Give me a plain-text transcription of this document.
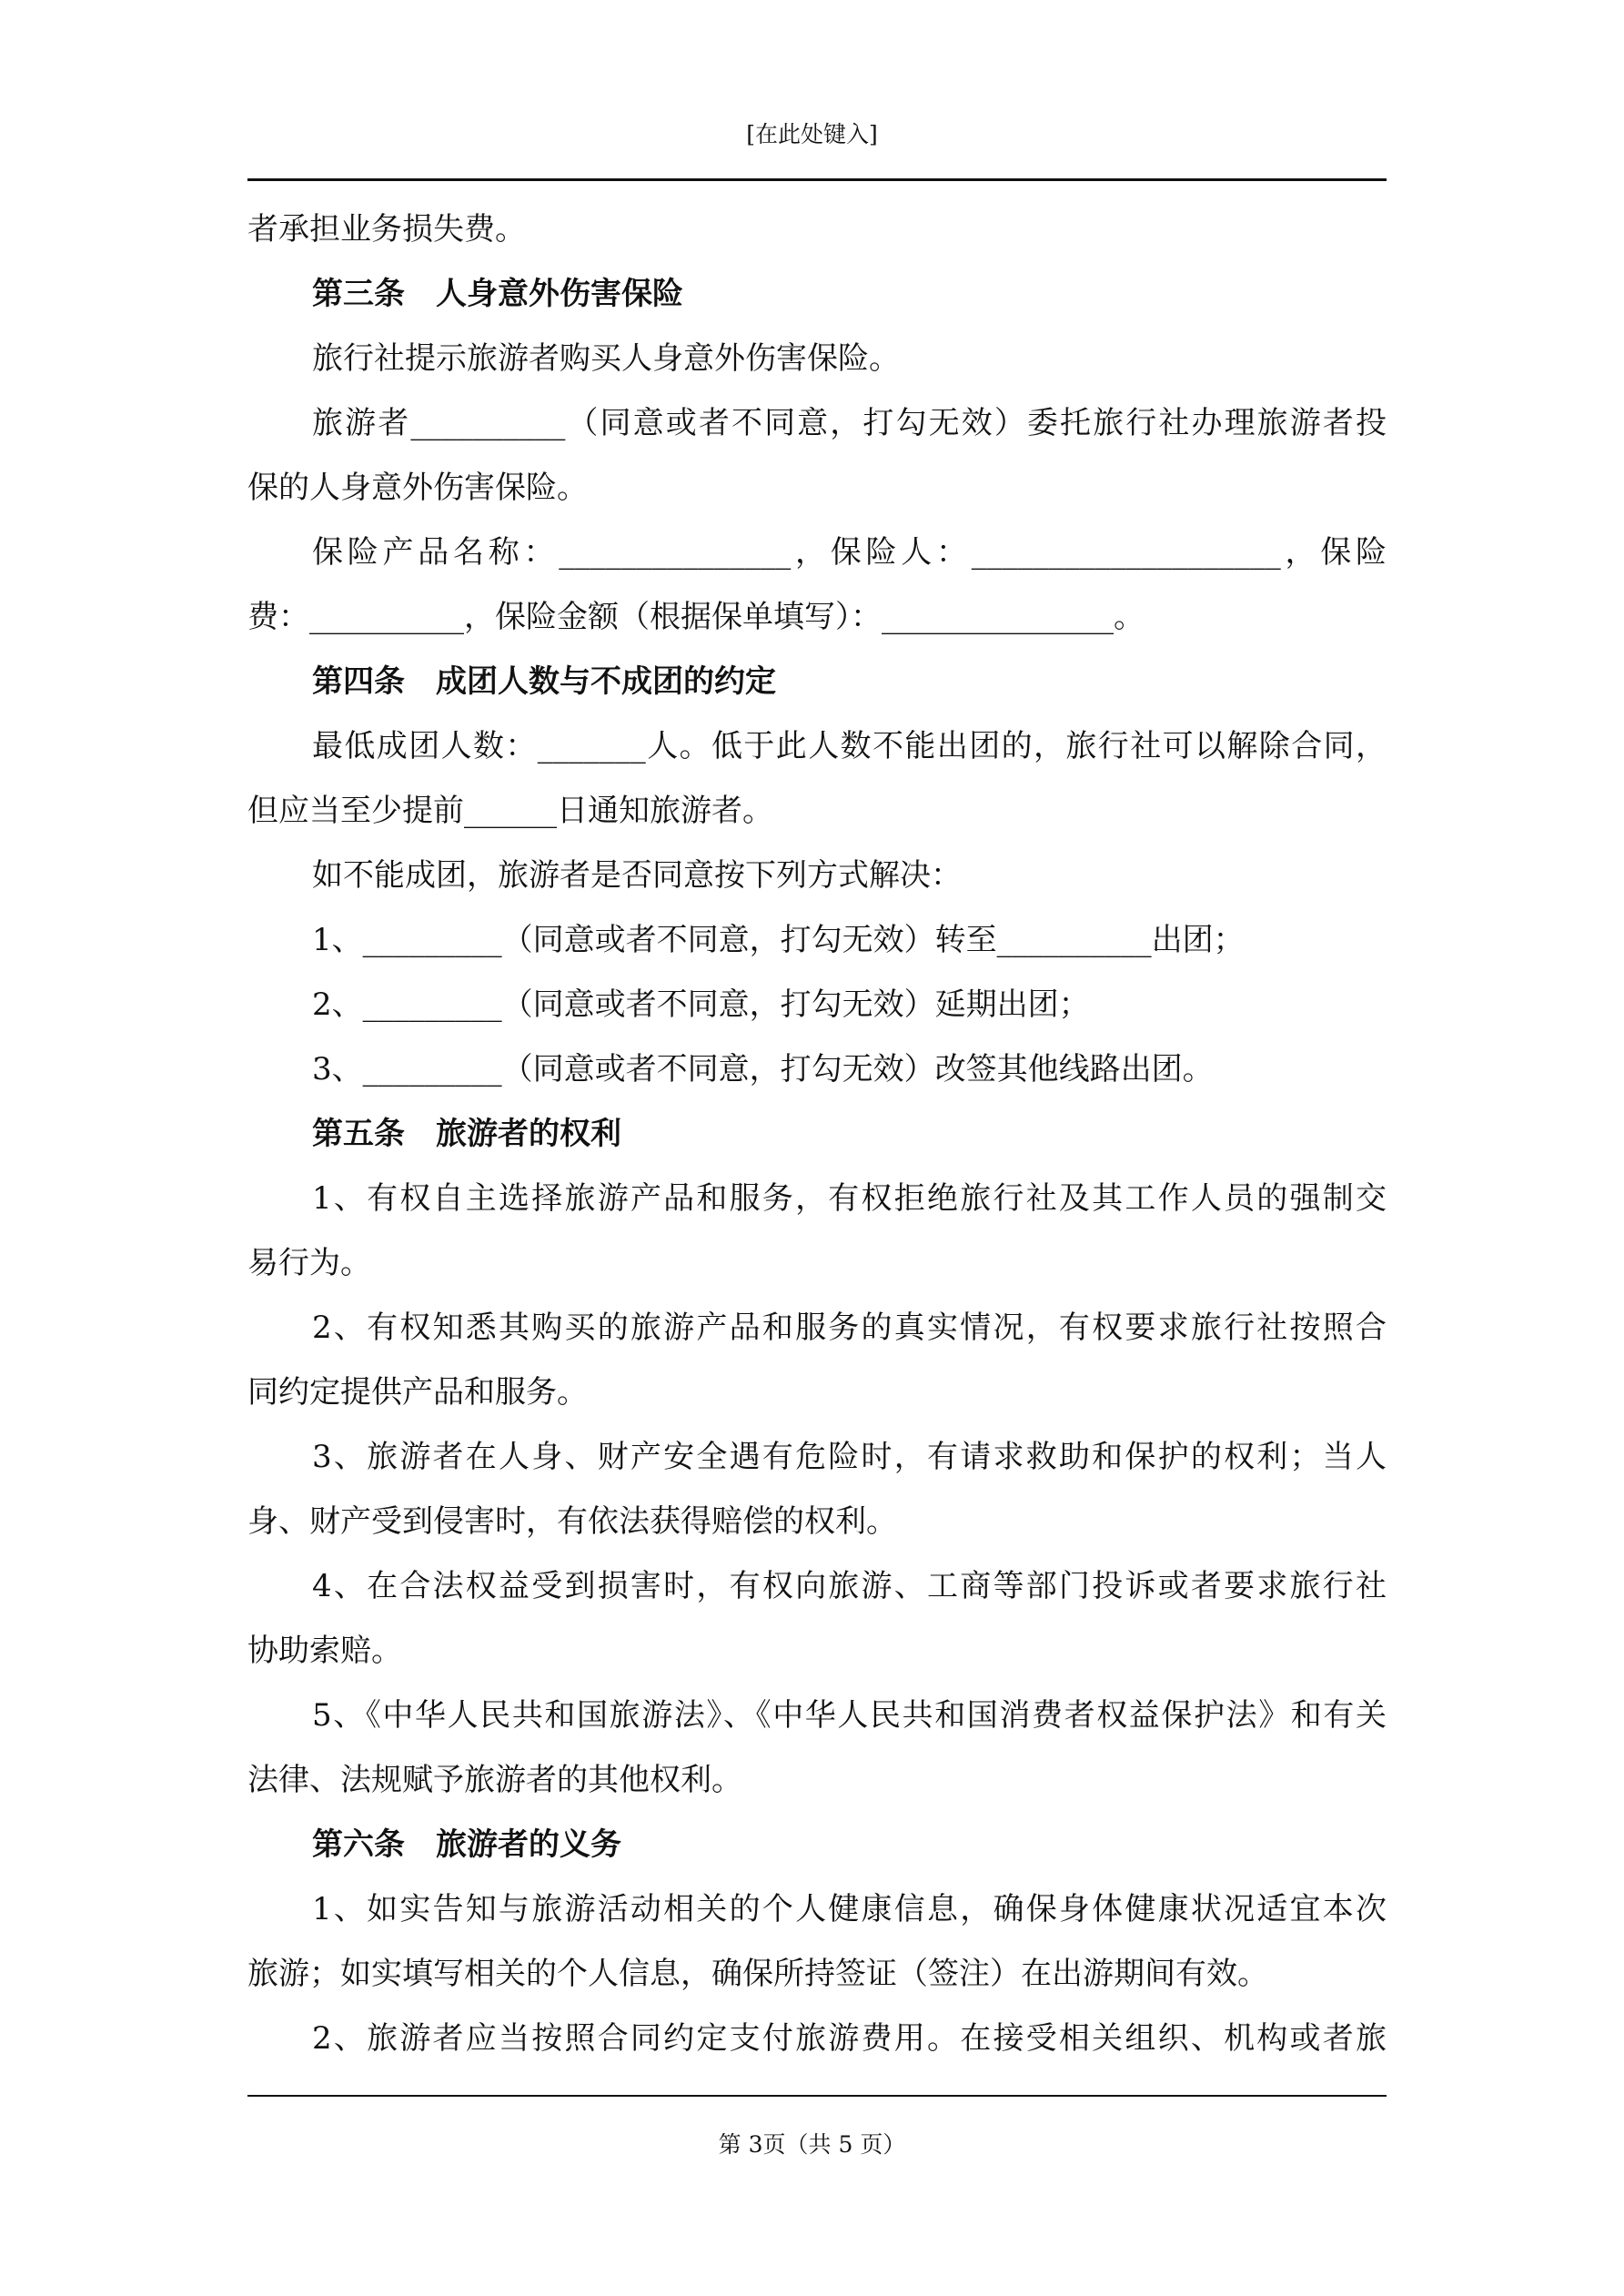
[在此处键入]
者承担业务损失费。
第三条　人身意外伤害保险
旅行社提示旅游者购买人身意外伤害保险。
旅游者__________（同意或者不同意，打勾无效）委托旅行社办理旅游者投
保的人身意外伤害保险。
保险产品名称：_______________，保险人：____________________，保险
费：__________，保险金额（根据保单填写）：_______________。
第四条　成团人数与不成团的约定
最低成团人数：_______人。低于此人数不能出团的，旅行社可以解除合同，
但应当至少提前______日通知旅游者。
如不能成团，旅游者是否同意按下列方式解决：
1、_________（同意或者不同意，打勾无效）转至__________出团；
2、_________（同意或者不同意，打勾无效）延期出团；
3、_________（同意或者不同意，打勾无效）改签其他线路出团。
第五条　旅游者的权利
1、有权自主选择旅游产品和服务，有权拒绝旅行社及其工作人员的强制交
易行为。
2、有权知悉其购买的旅游产品和服务的真实情况，有权要求旅行社按照合
同约定提供产品和服务。
3、旅游者在人身、财产安全遇有危险时，有请求救助和保护的权利；当人
身、财产受到侵害时，有依法获得赔偿的权利。
4、在合法权益受到损害时，有权向旅游、工商等部门投诉或者要求旅行社
协助索赔。
5、《中华人民共和国旅游法》、《中华人民共和国消费者权益保护法》和有关
法律、法规赋予旅游者的其他权利。
第六条　旅游者的义务
1、如实告知与旅游活动相关的个人健康信息，确保身体健康状况适宜本次
旅游；如实填写相关的个人信息，确保所持签证（签注）在出游期间有效。
2、旅游者应当按照合同约定支付旅游费用。在接受相关组织、机构或者旅
第 3页（共 5 页）
